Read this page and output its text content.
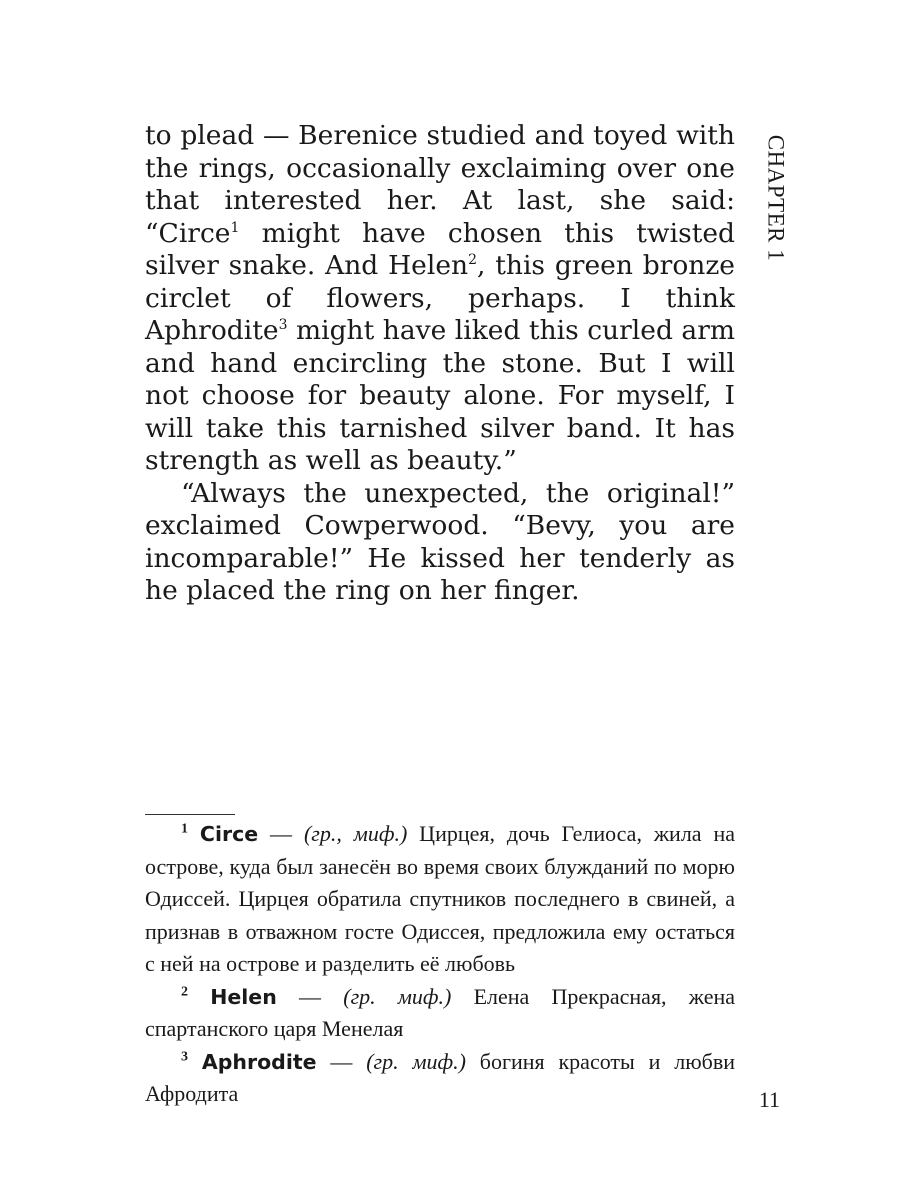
CHAPTER 1

to plead — Berenice studied and toyed with the rings, occasionally exclaiming over one that interested her. At last, she said: “Circe$^1$ might have chosen this twisted silver snake. And Helen$^2$, this green bronze circlet of flowers, perhaps. I think Aphrodite$^3$ might have liked this curled arm and hand encircling the stone. But I will not choose for beauty alone. For myself, I will take this tarnished silver band. It has strength as well as beauty.”

“Always the unexpected, the original!” exclaimed Cowperwood. “Bevy, you are incomparable!” He kissed her tenderly as he placed the ring on her finger.

$^1$ Circe — (гр., миф.) Цирцея, дочь Гелиоса, жила на острове, куда был занесён во время своих блужданий по морю Одиссей. Цирцея обратила спутников последнего в свиней, а признав в отважном госте Одиссея, предложила ему остаться с ней на острове и разделить её любовь

$^2$ Helen — (гр. миф.) Елена Прекрасная, жена спартанского царя Менелая

$^3$ Aphrodite — (гр. миф.) богиня красоты и любви Афродита	11
